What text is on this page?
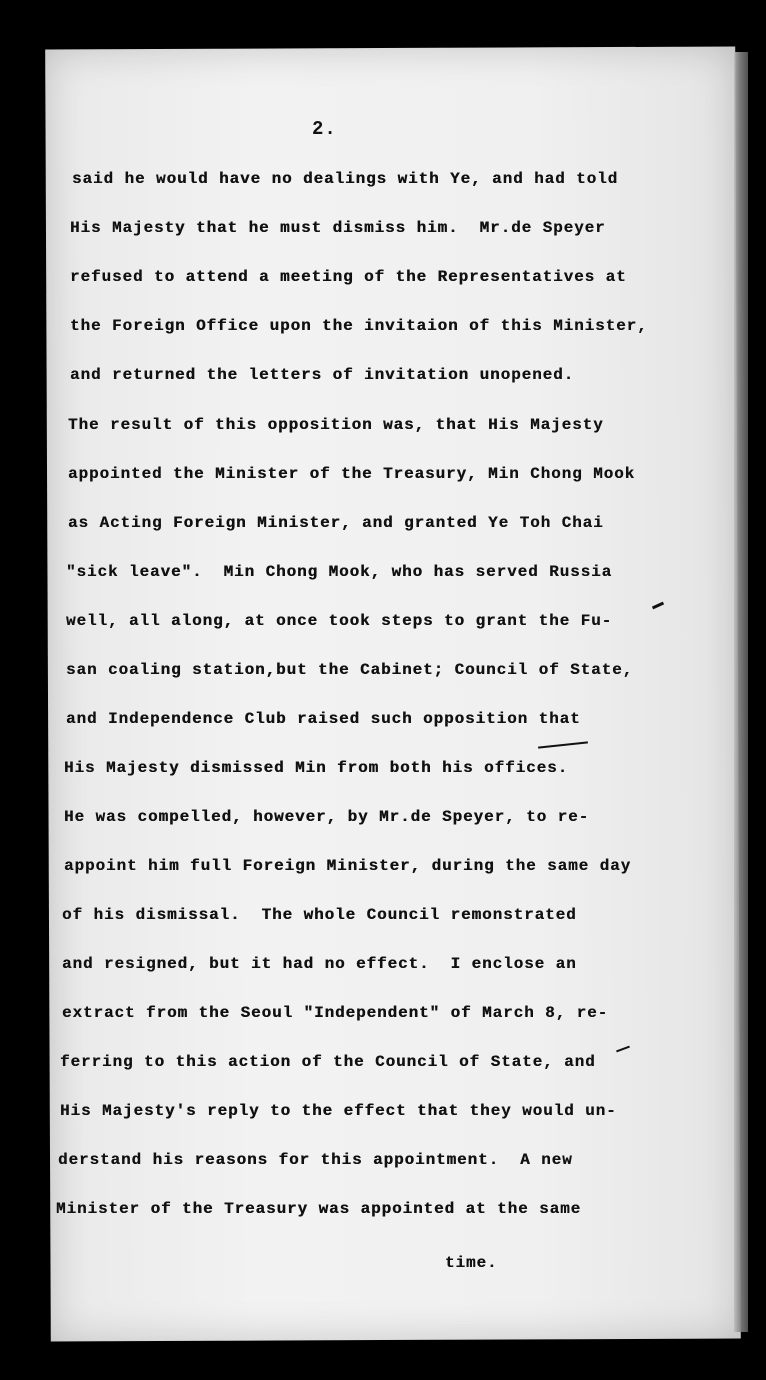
2.
said he would have no dealings with Ye, and had told
His Majesty that he must dismiss him.  Mr.de Speyer
refused to attend a meeting of the Representatives at
the Foreign Office upon the invitaion of this Minister,
and returned the letters of invitation unopened.
The result of this opposition was, that His Majesty
appointed the Minister of the Treasury, Min Chong Mook
as Acting Foreign Minister, and granted Ye Toh Chai
"sick leave".  Min Chong Mook, who has served Russia
well, all along, at once took steps to grant the Fu-
san coaling station,but the Cabinet; Council of State,
and Independence Club raised such opposition that
His Majesty dismissed Min from both his offices.
He was compelled, however, by Mr.de Speyer, to re-
appoint him full Foreign Minister, during the same day
of his dismissal.  The whole Council remonstrated
and resigned, but it had no effect.  I enclose an
extract from the Seoul "Independent" of March 8, re-
ferring to this action of the Council of State, and
His Majesty's reply to the effect that they would un-
derstand his reasons for this appointment.  A new
Minister of the Treasury was appointed at the same
time.
